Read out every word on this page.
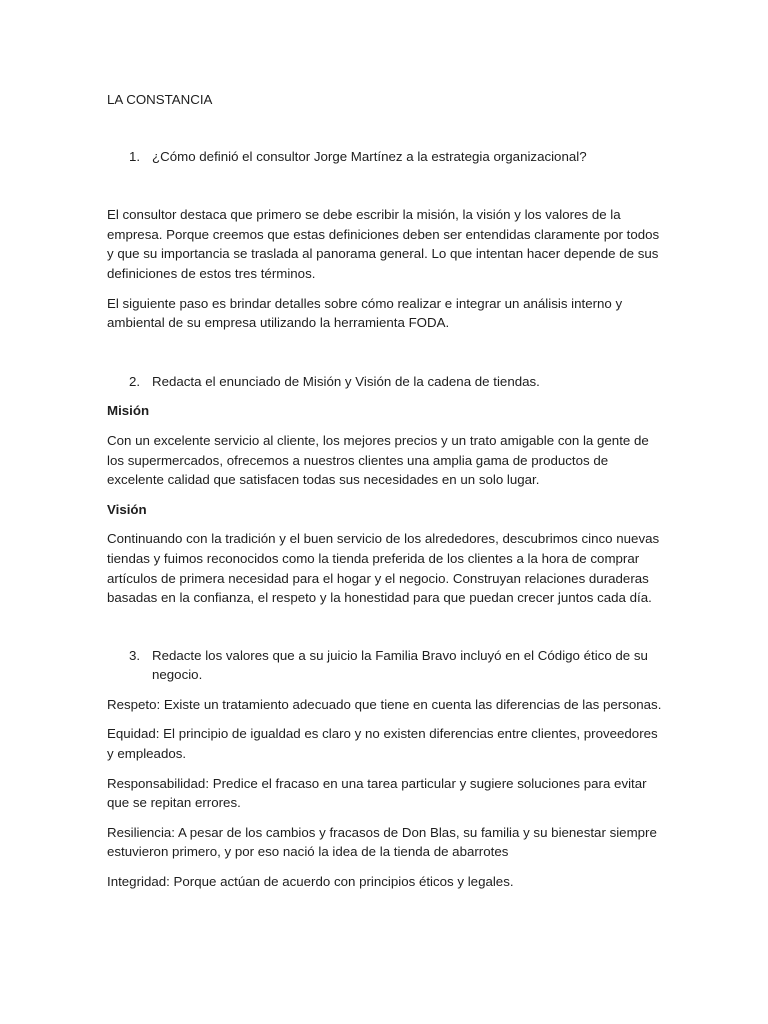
LA CONSTANCIA
1. ¿Cómo definió el consultor Jorge Martínez a la estrategia organizacional?

El consultor destaca que primero se debe escribir la misión, la visión y los valores de la empresa. Porque creemos que estas definiciones deben ser entendidas claramente por todos y que su importancia se traslada al panorama general. Lo que intentan hacer depende de sus definiciones de estos tres términos.

El siguiente paso es brindar detalles sobre cómo realizar e integrar un análisis interno y ambiental de su empresa utilizando la herramienta FODA.

2. Redacta el enunciado de Misión y Visión de la cadena de tiendas.
Misión

Con un excelente servicio al cliente, los mejores precios y un trato amigable con la gente de los supermercados, ofrecemos a nuestros clientes una amplia gama de productos de excelente calidad que satisfacen todas sus necesidades en un solo lugar.

Visión

Continuando con la tradición y el buen servicio de los alrededores, descubrimos cinco nuevas tiendas y fuimos reconocidos como la tienda preferida de los clientes a la hora de comprar artículos de primera necesidad para el hogar y el negocio. Construyan relaciones duraderas basadas en la confianza, el respeto y la honestidad para que puedan crecer juntos cada día.

3. Redacte los valores que a su juicio la Familia Bravo incluyó en el Código ético de su negocio.

Respeto: Existe un tratamiento adecuado que tiene en cuenta las diferencias de las personas.

Equidad: El principio de igualdad es claro y no existen diferencias entre clientes, proveedores y empleados.

Responsabilidad: Predice el fracaso en una tarea particular y sugiere soluciones para evitar que se repitan errores.

Resiliencia: A pesar de los cambios y fracasos de Don Blas, su familia y su bienestar siempre estuvieron primero, y por eso nació la idea de la tienda de abarrotes

Integridad: Porque actúan de acuerdo con principios éticos y legales.
